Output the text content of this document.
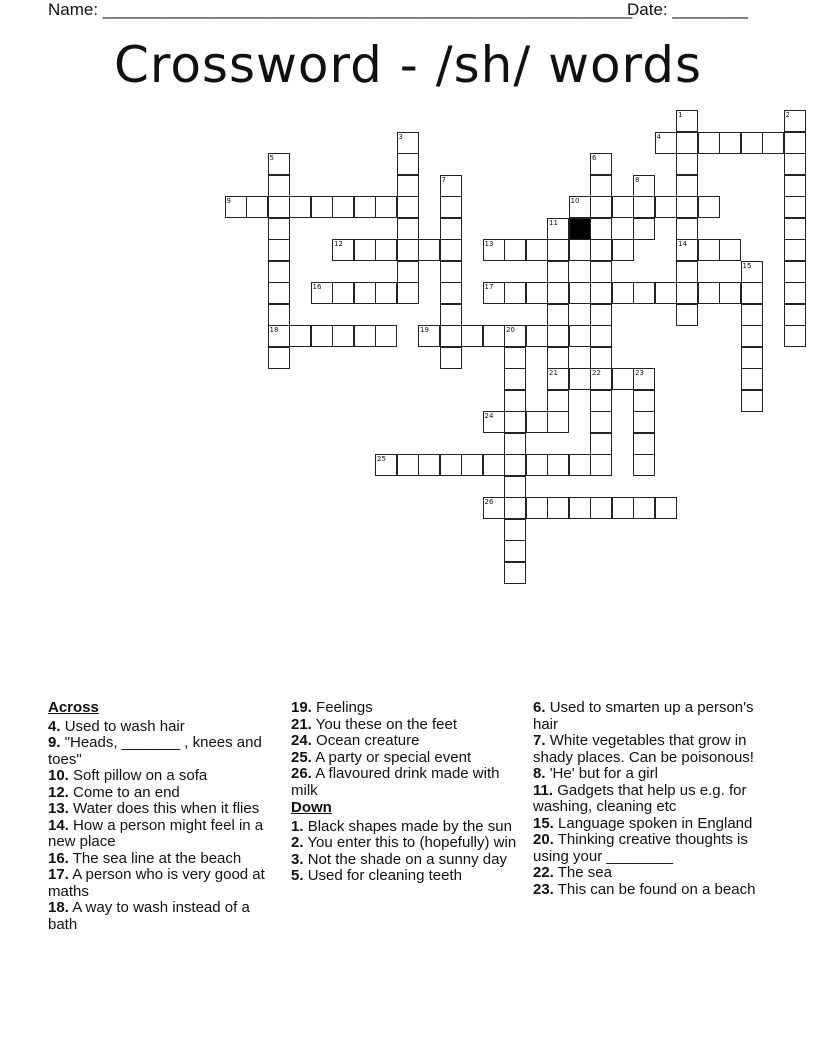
Name: ________________________________________________________
Date: ________
Crossword - /sh/ words
1	2
3	4
5	6
7	8
9	10
11
12	13	14
15
16	17
18	19	20
21	22	23
24
25
26
Across
4. Used to wash hair
9. "Heads, _______ , knees and toes"
10. Soft pillow on a sofa
12. Come to an end
13. Water does this when it flies
14. How a person might feel in a new place
16. The sea line at the beach
17. A person who is very good at maths
18. A way to wash instead of a bath
19. Feelings
21. You these on the feet
24. Ocean creature
25. A party or special event
26. A flavoured drink made with milk
Down
1. Black shapes made by the sun
2. You enter this to (hopefully) win
3. Not the shade on a sunny day
5. Used for cleaning teeth
6. Used to smarten up a person's hair
7. White vegetables that grow in shady places. Can be poisonous!
8. 'He' but for a girl
11. Gadgets that help us e.g. for washing, cleaning etc
15. Language spoken in England
20. Thinking creative thoughts is using your ________
22. The sea
23. This can be found on a beach
